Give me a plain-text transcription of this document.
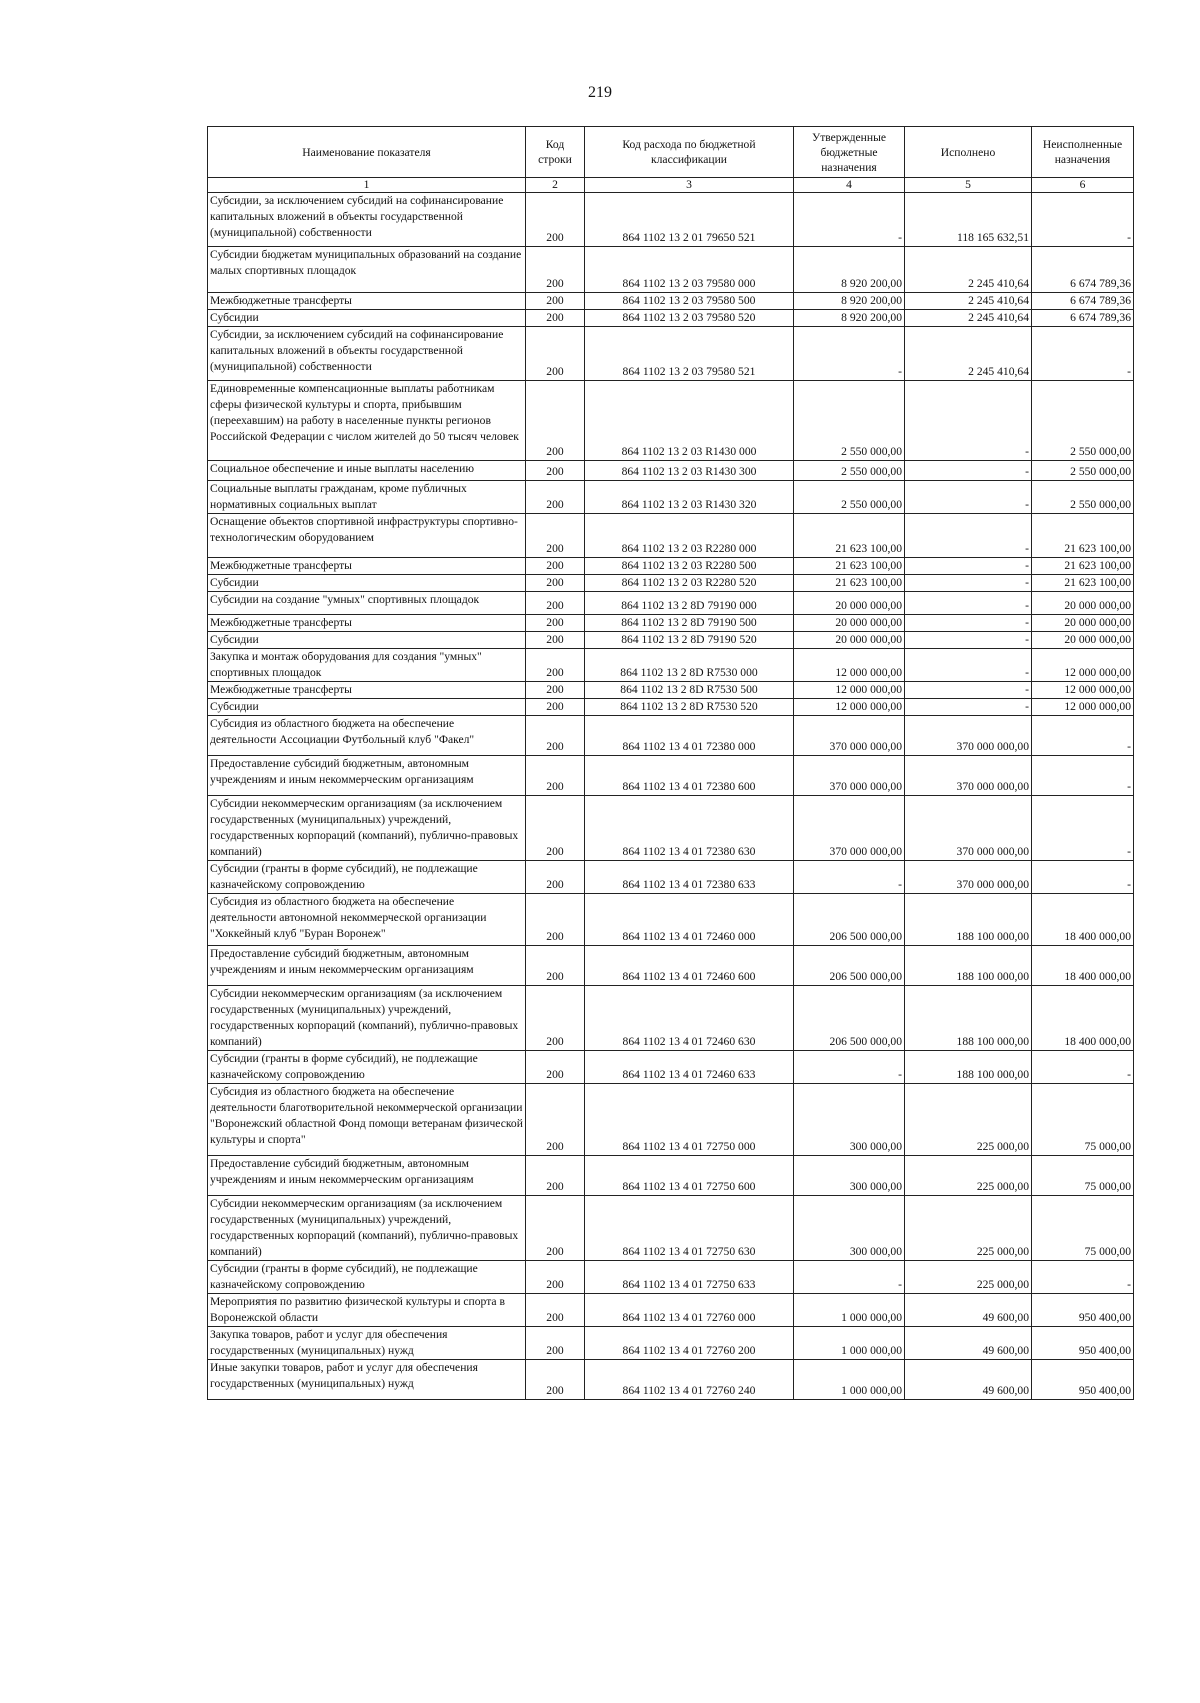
219
Наименование показателя	Код строки	Код расхода по бюджетной классификации	Утвержденные бюджетные назначения	Исполнено	Неисполненные назначения
1	2	3	4	5	6
Субсидии, за исключением субсидий на софинансирование капитальных вложений в объекты государственной (муниципальной) собственности	200	864 1102 13 2 01 79650 521	-	118 165 632,51	-
Субсидии бюджетам муниципальных образований на создание малых спортивных площадок	200	864 1102 13 2 03 79580 000	8 920 200,00	2 245 410,64	6 674 789,36
Межбюджетные трансферты	200	864 1102 13 2 03 79580 500	8 920 200,00	2 245 410,64	6 674 789,36
Субсидии	200	864 1102 13 2 03 79580 520	8 920 200,00	2 245 410,64	6 674 789,36
Субсидии, за исключением субсидий на софинансирование капитальных вложений в объекты государственной (муниципальной) собственности	200	864 1102 13 2 03 79580 521	-	2 245 410,64	-
Единовременные компенсационные выплаты работникам сферы физической культуры и спорта, прибывшим (переехавшим) на работу в населенные пункты регионов Российской Федерации с числом жителей до 50 тысяч человек	200	864 1102 13 2 03 R1430 000	2 550 000,00	-	2 550 000,00
Социальное обеспечение и иные выплаты населению	200	864 1102 13 2 03 R1430 300	2 550 000,00	-	2 550 000,00
Социальные выплаты гражданам, кроме публичных нормативных социальных выплат	200	864 1102 13 2 03 R1430 320	2 550 000,00	-	2 550 000,00
Оснащение объектов спортивной инфраструктуры спортивно-технологическим оборудованием	200	864 1102 13 2 03 R2280 000	21 623 100,00	-	21 623 100,00
Межбюджетные трансферты	200	864 1102 13 2 03 R2280 500	21 623 100,00	-	21 623 100,00
Субсидии	200	864 1102 13 2 03 R2280 520	21 623 100,00	-	21 623 100,00
Субсидии на создание "умных" спортивных площадок	200	864 1102 13 2 8D 79190 000	20 000 000,00	-	20 000 000,00
Межбюджетные трансферты	200	864 1102 13 2 8D 79190 500	20 000 000,00	-	20 000 000,00
Субсидии	200	864 1102 13 2 8D 79190 520	20 000 000,00	-	20 000 000,00
Закупка и монтаж оборудования для создания "умных" спортивных площадок	200	864 1102 13 2 8D R7530 000	12 000 000,00	-	12 000 000,00
Межбюджетные трансферты	200	864 1102 13 2 8D R7530 500	12 000 000,00	-	12 000 000,00
Субсидии	200	864 1102 13 2 8D R7530 520	12 000 000,00	-	12 000 000,00
Субсидия из областного бюджета на обеспечение деятельности Ассоциации Футбольный клуб "Факел"	200	864 1102 13 4 01 72380 000	370 000 000,00	370 000 000,00	-
Предоставление субсидий бюджетным, автономным учреждениям и иным некоммерческим организациям	200	864 1102 13 4 01 72380 600	370 000 000,00	370 000 000,00	-
Субсидии некоммерческим организациям (за исключением государственных (муниципальных) учреждений, государственных корпораций (компаний), публично-правовых компаний)	200	864 1102 13 4 01 72380 630	370 000 000,00	370 000 000,00	-
Субсидии (гранты в форме субсидий), не подлежащие казначейскому сопровождению	200	864 1102 13 4 01 72380 633	-	370 000 000,00	-
Субсидия из областного бюджета на обеспечение деятельности автономной некоммерческой организации "Хоккейный клуб "Буран Воронеж"	200	864 1102 13 4 01 72460 000	206 500 000,00	188 100 000,00	18 400 000,00
Предоставление субсидий бюджетным, автономным учреждениям и иным некоммерческим организациям	200	864 1102 13 4 01 72460 600	206 500 000,00	188 100 000,00	18 400 000,00
Субсидии некоммерческим организациям (за исключением государственных (муниципальных) учреждений, государственных корпораций (компаний), публично-правовых компаний)	200	864 1102 13 4 01 72460 630	206 500 000,00	188 100 000,00	18 400 000,00
Субсидии (гранты в форме субсидий), не подлежащие казначейскому сопровождению	200	864 1102 13 4 01 72460 633	-	188 100 000,00	-
Субсидия из областного бюджета на обеспечение деятельности благотворительной некоммерческой организации "Воронежский областной Фонд помощи ветеранам физической культуры и спорта"	200	864 1102 13 4 01 72750 000	300 000,00	225 000,00	75 000,00
Предоставление субсидий бюджетным, автономным учреждениям и иным некоммерческим организациям	200	864 1102 13 4 01 72750 600	300 000,00	225 000,00	75 000,00
Субсидии некоммерческим организациям (за исключением государственных (муниципальных) учреждений, государственных корпораций (компаний), публично-правовых компаний)	200	864 1102 13 4 01 72750 630	300 000,00	225 000,00	75 000,00
Субсидии (гранты в форме субсидий), не подлежащие казначейскому сопровождению	200	864 1102 13 4 01 72750 633	-	225 000,00	-
Мероприятия по развитию физической культуры и спорта в Воронежской области	200	864 1102 13 4 01 72760 000	1 000 000,00	49 600,00	950 400,00
Закупка товаров, работ и услуг для обеспечения государственных (муниципальных) нужд	200	864 1102 13 4 01 72760 200	1 000 000,00	49 600,00	950 400,00
Иные закупки товаров, работ и услуг для обеспечения государственных (муниципальных) нужд	200	864 1102 13 4 01 72760 240	1 000 000,00	49 600,00	950 400,00
